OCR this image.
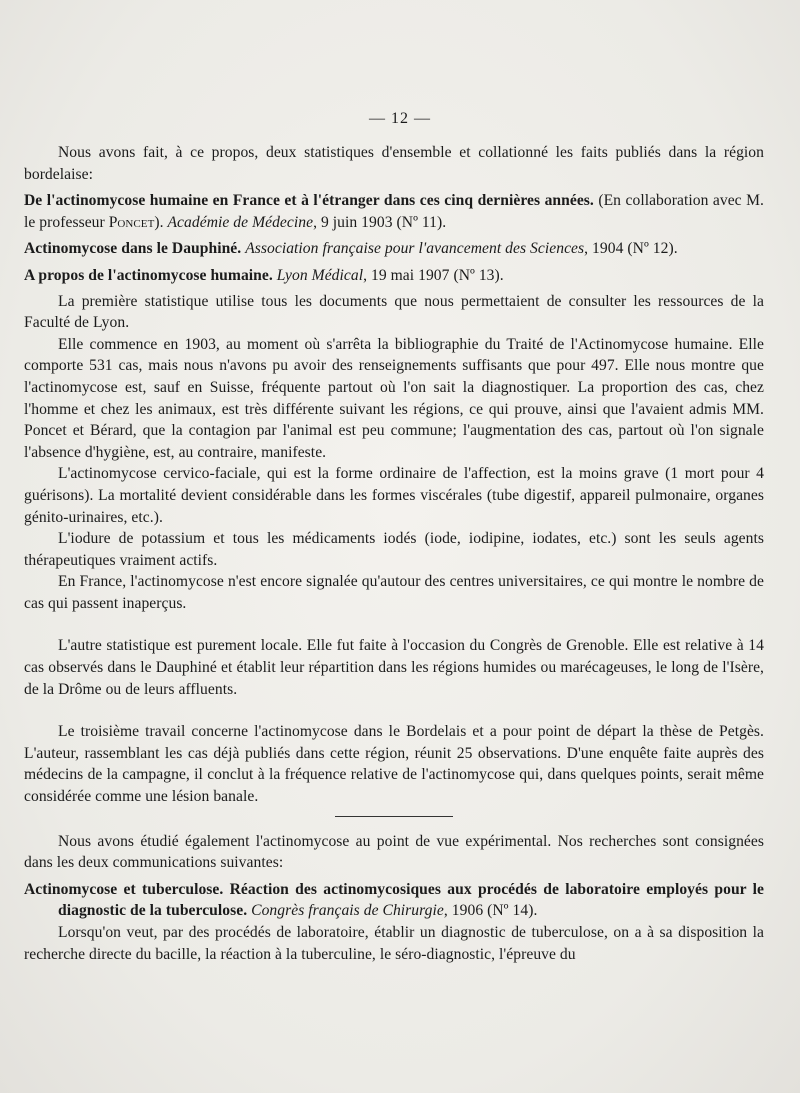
— 12 —

Nous avons fait, à ce propos, deux statistiques d'ensemble et collationné les faits publiés dans la région bordelaise:

De l'actinomycose humaine en France et à l'étranger dans ces cinq dernières années. (En collaboration avec M. le professeur Poncet). Académie de Médecine, 9 juin 1903 (Nº 11).

Actinomycose dans le Dauphiné. Association française pour l'avancement des Sciences, 1904 (Nº 12).

A propos de l'actinomycose humaine. Lyon Médical, 19 mai 1907 (Nº 13).

La première statistique utilise tous les documents que nous permettaient de consulter les ressources de la Faculté de Lyon.

Elle commence en 1903, au moment où s'arrêta la bibliographie du Traité de l'Actinomycose humaine. Elle comporte 531 cas, mais nous n'avons pu avoir des renseignements suffisants que pour 497. Elle nous montre que l'actinomycose est, sauf en Suisse, fréquente partout où l'on sait la diagnostiquer. La proportion des cas, chez l'homme et chez les animaux, est très différente suivant les régions, ce qui prouve, ainsi que l'avaient admis MM. Poncet et Bérard, que la contagion par l'animal est peu commune; l'augmentation des cas, partout où l'on signale l'absence d'hygiène, est, au contraire, manifeste.

L'actinomycose cervico-faciale, qui est la forme ordinaire de l'affection, est la moins grave (1 mort pour 4 guérisons). La mortalité devient considérable dans les formes viscérales (tube digestif, appareil pulmonaire, organes génito-urinaires, etc.).

L'iodure de potassium et tous les médicaments iodés (iode, iodipine, iodates, etc.) sont les seuls agents thérapeutiques vraiment actifs.

En France, l'actinomycose n'est encore signalée qu'autour des centres universitaires, ce qui montre le nombre de cas qui passent inaperçus.

L'autre statistique est purement locale. Elle fut faite à l'occasion du Congrès de Grenoble. Elle est relative à 14 cas observés dans le Dauphiné et établit leur répartition dans les régions humides ou marécageuses, le long de l'Isère, de la Drôme ou de leurs affluents.

Le troisième travail concerne l'actinomycose dans le Bordelais et a pour point de départ la thèse de Petgès. L'auteur, rassemblant les cas déjà publiés dans cette région, réunit 25 observations. D'une enquête faite auprès des médecins de la campagne, il conclut à la fréquence relative de l'actinomycose qui, dans quelques points, serait même considérée comme une lésion banale.

Nous avons étudié également l'actinomycose au point de vue expérimental. Nos recherches sont consignées dans les deux communications suivantes:

Actinomycose et tuberculose. Réaction des actinomycosiques aux procédés de laboratoire employés pour le diagnostic de la tuberculose. Congrès français de Chirurgie, 1906 (Nº 14).

Lorsqu'on veut, par des procédés de laboratoire, établir un diagnostic de tuberculose, on a à sa disposition la recherche directe du bacille, la réaction à la tuberculine, le séro-diagnostic, l'épreuve du
